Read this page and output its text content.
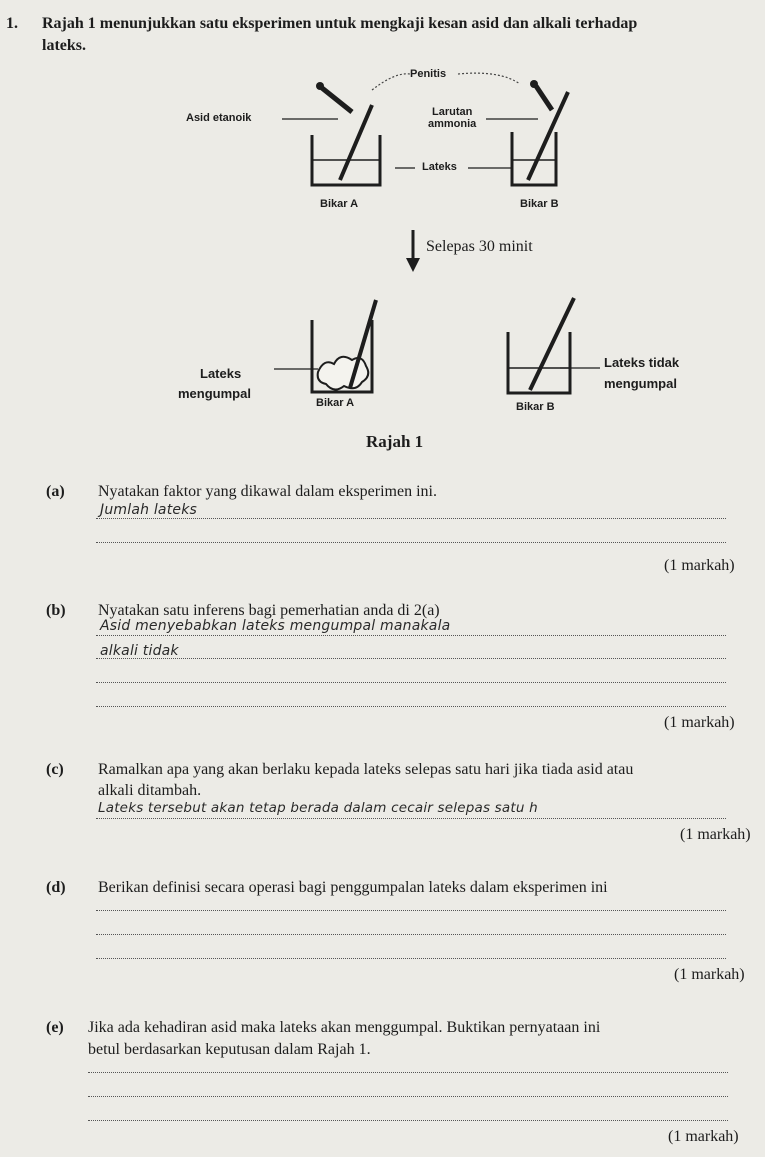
1. Rajah 1 menunjukkan satu eksperimen untuk mengkaji kesan asid dan alkali terhadap
lateks.
Penitis
Asid etanoik	Larutan
ammonia
Lateks
Bikar A	Bikar B
Selepas 30 minit
Lateks
mengumpal
Bikar A	Bikar B
Lateks tidak
mengumpal
Rajah 1
(a) Nyatakan faktor yang dikawal dalam eksperimen ini.
Jumlah lateks
(1 markah)
(b) Nyatakan satu inferens bagi pemerhatian anda di 2(a)
Asid menyebabkan lateks mengumpal manakala
alkali tidak
(1 markah)
(c) Ramalkan apa yang akan berlaku kepada lateks selepas satu hari jika tiada asid atau
alkali ditambah.
Lateks tersebut akan tetap berada dalam cecair selepas satu h
(1 markah)
(d) Berikan definisi secara operasi bagi penggumpalan lateks dalam eksperimen ini
(1 markah)
(e) Jika ada kehadiran asid maka lateks akan menggumpal. Buktikan pernyataan ini
betul berdasarkan keputusan dalam Rajah 1.
(1 markah)
